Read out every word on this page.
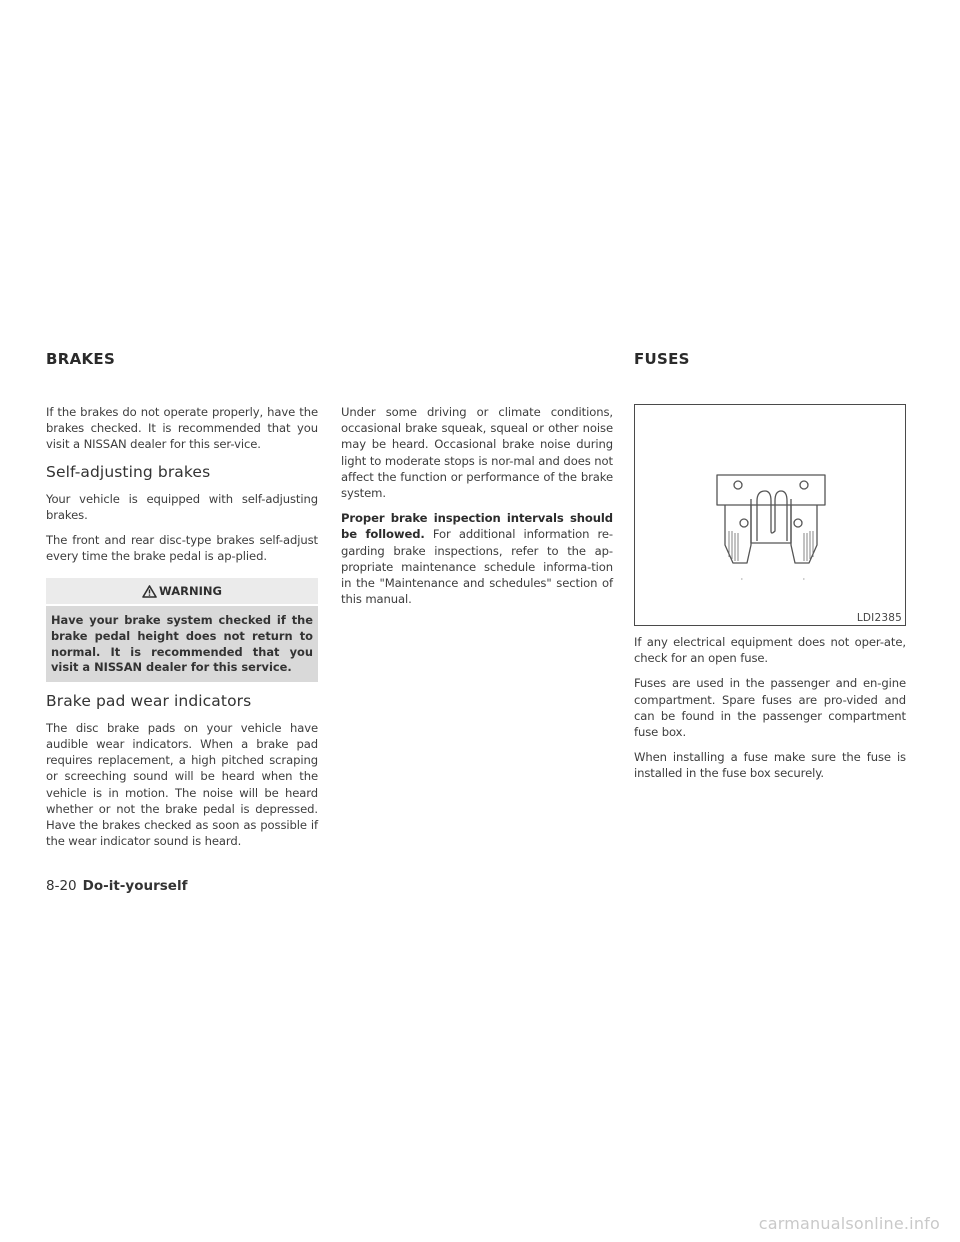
BRAKES	FUSES

If the brakes do not operate properly, have the brakes checked. It is recommended that you visit a NISSAN dealer for this ser-vice.

Self-adjusting brakes

Your vehicle is equipped with self-adjusting brakes.

The front and rear disc-type brakes self-adjust every time the brake pedal is ap-plied.

WARNING
Have your brake system checked if the brake pedal height does not return to normal. It is recommended that you visit a NISSAN dealer for this service.
Brake pad wear indicators

The disc brake pads on your vehicle have audible wear indicators. When a brake pad requires replacement, a high pitched scraping or screeching sound will be heard when the vehicle is in motion. The noise will be heard whether or not the brake pedal is depressed. Have the brakes checked as soon as possible if the wear indicator sound is heard.

Under some driving or climate conditions, occasional brake squeak, squeal or other noise may be heard. Occasional brake noise during light to moderate stops is nor-mal and does not affect the function or performance of the brake system.

Proper brake inspection intervals should be followed. For additional information re-garding brake inspections, refer to the ap-propriate maintenance schedule informa-tion in the "Maintenance and schedules" section of this manual.

LDI2385

If any electrical equipment does not oper-ate, check for an open fuse.

Fuses are used in the passenger and en-gine compartment. Spare fuses are pro-vided and can be found in the passenger compartment fuse box.

When installing a fuse make sure the fuse is installed in the fuse box securely.

8-20 Do-it-yourself
carmanualsonline.info
